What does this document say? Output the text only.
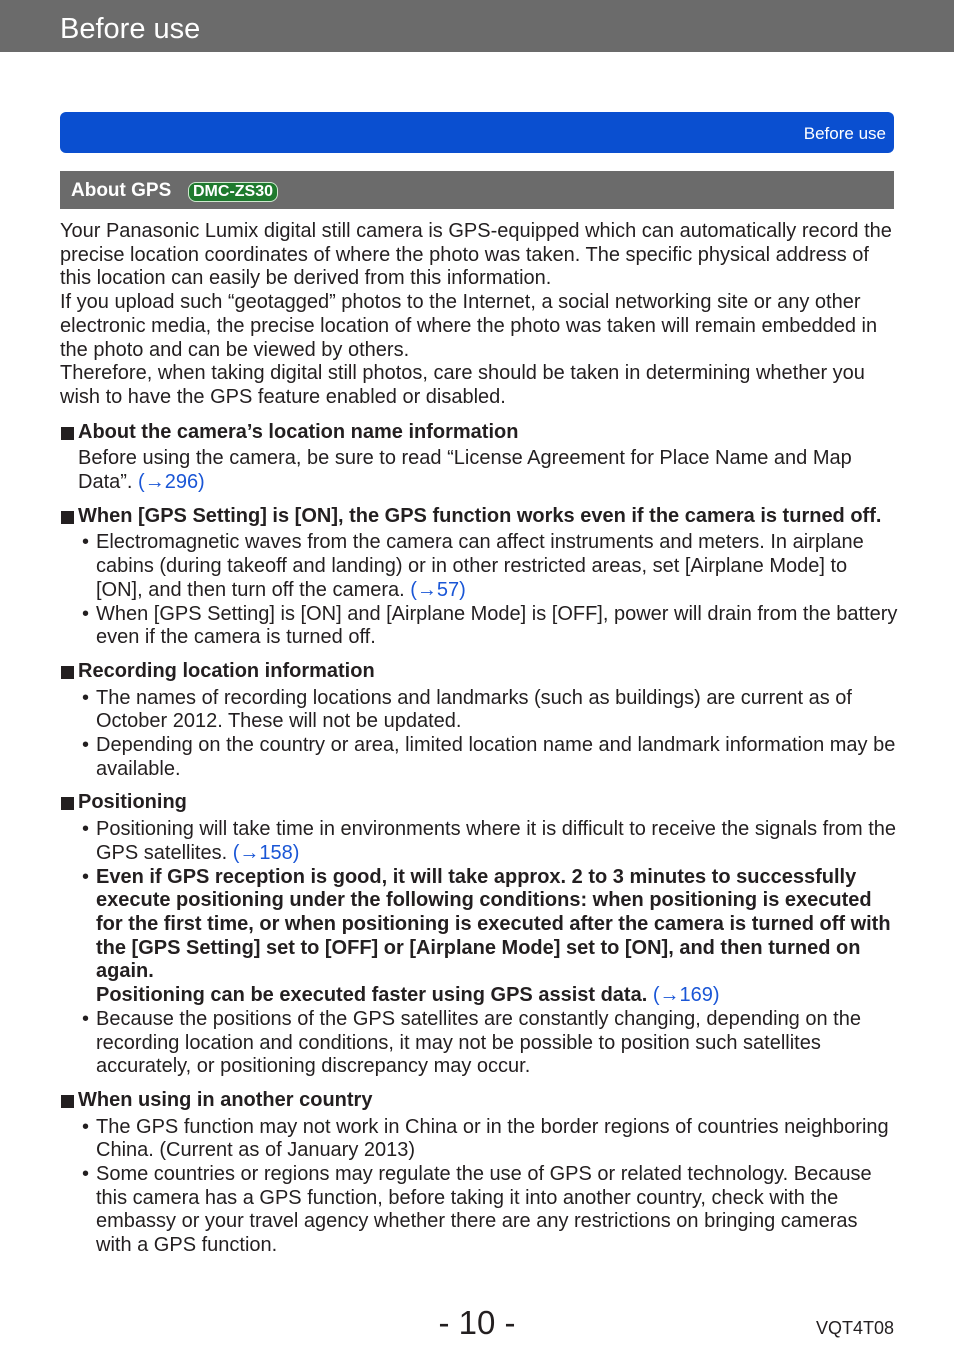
Before use
Before use
About GPS	DMC-ZS30

Your Panasonic Lumix digital still camera is GPS-equipped which can automatically record the precise location coordinates of where the photo was taken. The specific physical address of this location can easily be derived from this information.

If you upload such “geotagged” photos to the Internet, a social networking site or any other electronic media, the precise location of where the photo was taken will remain embedded in the photo and can be viewed by others.

Therefore, when taking digital still photos, care should be taken in determining whether you wish to have the GPS feature enabled or disabled.

About the camera’s location name information
Before using the camera, be sure to read “License Agreement for Place Name and Map Data”. (→296)
When [GPS Setting] is [ON], the GPS function works even if the camera is turned off.
• Electromagnetic waves from the camera can affect instruments and meters. In airplane cabins (during takeoff and landing) or in other restricted areas, set [Airplane Mode] to [ON], and then turn off the camera. (→57)
• When [GPS Setting] is [ON] and [Airplane Mode] is [OFF], power will drain from the battery even if the camera is turned off.
Recording location information
• The names of recording locations and landmarks (such as buildings) are current as of October 2012. These will not be updated.
• Depending on the country or area, limited location name and landmark information may be available.
Positioning
• Positioning will take time in environments where it is difficult to receive the signals from the GPS satellites. (→158)
• Even if GPS reception is good, it will take approx. 2 to 3 minutes to successfully execute positioning under the following conditions: when positioning is executed for the first time, or when positioning is executed after the camera is turned off with the [GPS Setting] set to [OFF] or [Airplane Mode] set to [ON], and then turned on again.
Positioning can be executed faster using GPS assist data. (→169)
• Because the positions of the GPS satellites are constantly changing, depending on the recording location and conditions, it may not be possible to position such satellites accurately, or positioning discrepancy may occur.
When using in another country
• The GPS function may not work in China or in the border regions of countries neighboring China. (Current as of January 2013)
• Some countries or regions may regulate the use of GPS or related technology. Because this camera has a GPS function, before taking it into another country, check with the embassy or your travel agency whether there are any restrictions on bringing cameras with a GPS function.
- 10 -	VQT4T08
